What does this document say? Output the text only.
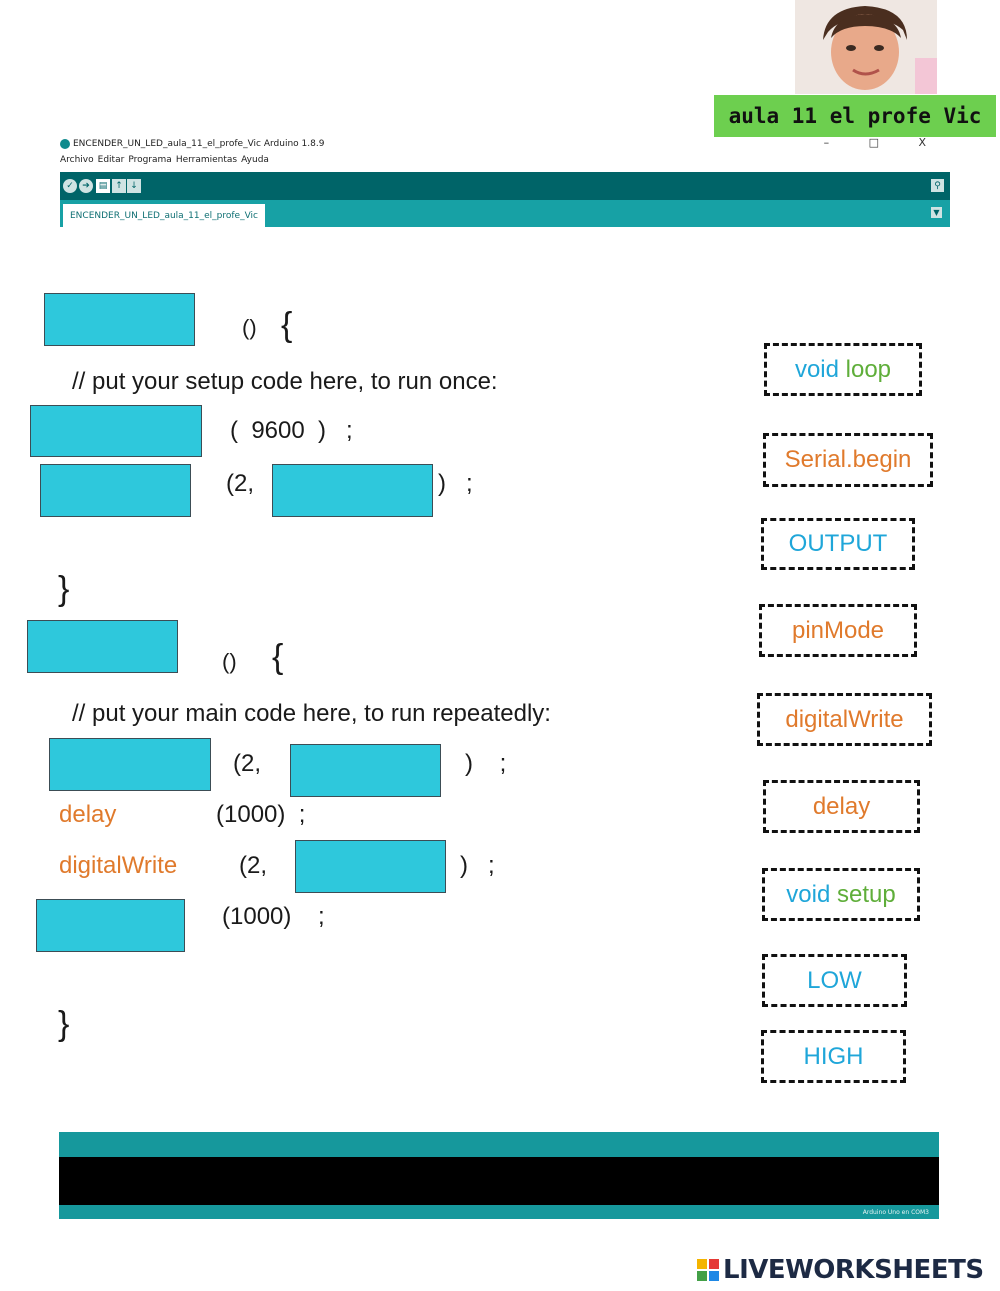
aula 11 el profe Vic
ENCENDER_UN_LED_aula_11_el_profe_Vic Arduino 1.8.9	– □ X
Archivo Editar Programa Herramientas Ayuda
✓ ➔ ▤ ↑ ↓	⚲
ENCENDER_UN_LED_aula_11_el_profe_Vic	▼
() {
// put your setup code here, to run once:
(  9600  )   ;
(2,	)   ;
}
() {
// put your main code here, to run repeatedly:
(2,	)    ;
delay	(1000)  ;
digitalWrite	(2,	)   ;
(1000)    ;
}
void
loop
Serial.begin
OUTPUT
pinMode
digitalWrite
delay
void
setup
LOW
HIGH
Arduino Uno en COM3
LIVEWORKSHEETS
